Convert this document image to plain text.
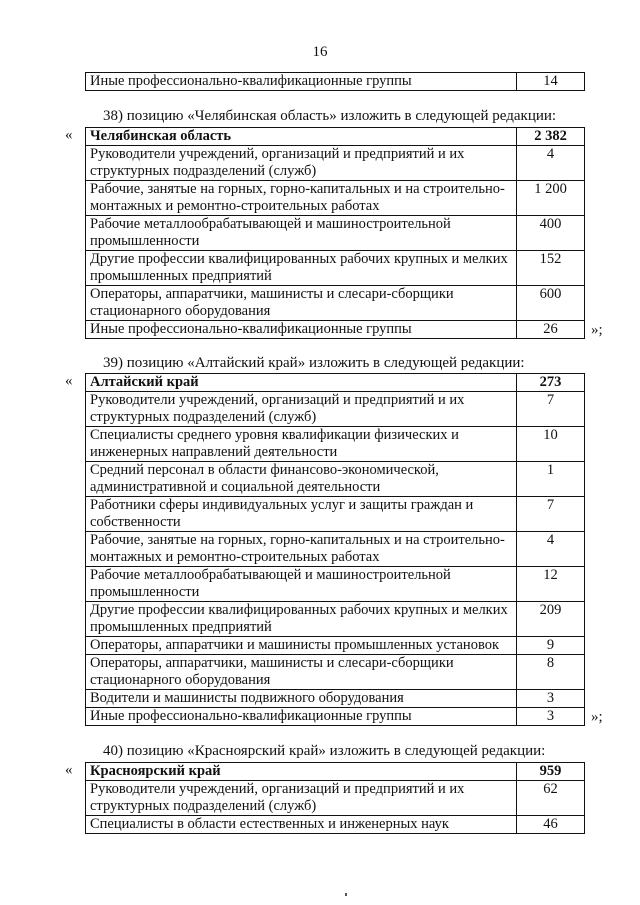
16
Иные профессионально-квалификационные группы	14
38) позицию «Челябинская область» изложить в следующей редакции:
« Челябинская область	2 382
Руководители учреждений, организаций и предприятий и их структурных подразделений (служб)	4
Рабочие, занятые на горных, горно-капитальных и на строительно-монтажных и ремонтно-строительных работах	1 200
Рабочие металлообрабатывающей и машиностроительной промышленности	400
Другие профессии квалифицированных рабочих крупных и мелких промышленных предприятий	152
Операторы, аппаратчики, машинисты и слесари-сборщики стационарного оборудования	600
Иные профессионально-квалификационные группы	26 »;
39) позицию «Алтайский край» изложить в следующей редакции:
« Алтайский край	273
Руководители учреждений, организаций и предприятий и их структурных подразделений (служб)	7
Специалисты среднего уровня квалификации физических и инженерных направлений деятельности	10
Средний персонал в области финансово-экономической, административной и социальной деятельности	1
Работники сферы индивидуальных услуг и защиты граждан и собственности	7
Рабочие, занятые на горных, горно-капитальных и на строительно-монтажных и ремонтно-строительных работах	4
Рабочие металлообрабатывающей и машиностроительной промышленности	12
Другие профессии квалифицированных рабочих крупных и мелких промышленных предприятий	209
Операторы, аппаратчики и машинисты промышленных установок	9
Операторы, аппаратчики, машинисты и слесари-сборщики стационарного оборудования	8
Водители и машинисты подвижного оборудования	3
Иные профессионально-квалификационные группы	3 »;
40) позицию «Красноярский край» изложить в следующей редакции:
« Красноярский край	959
Руководители учреждений, организаций и предприятий и их структурных подразделений (служб)	62
Специалисты в области естественных и инженерных наук	46
